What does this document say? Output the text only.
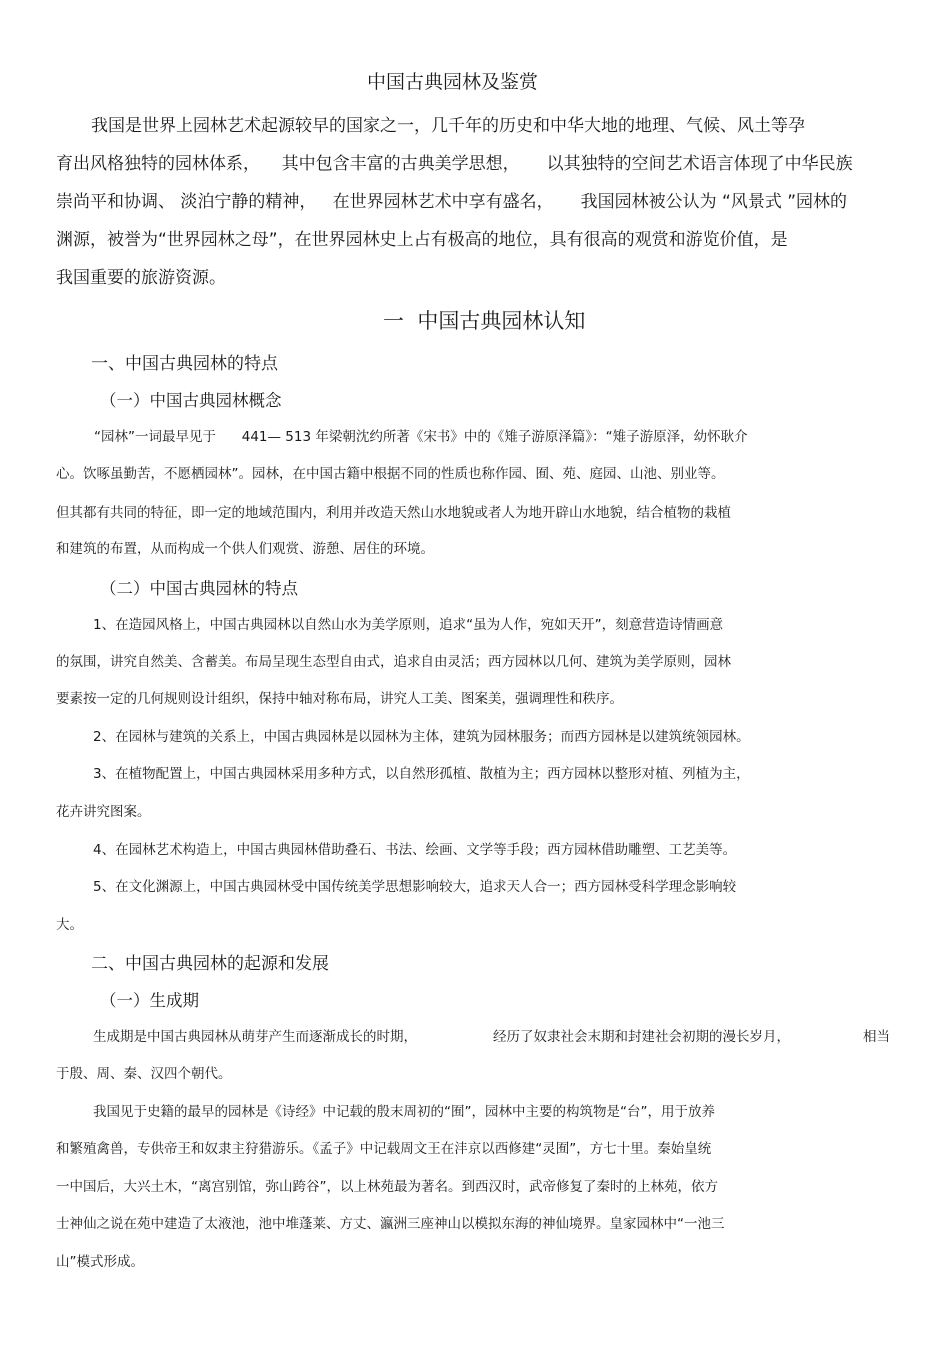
中国古典园林及鉴赏
我国是世界上园林艺术起源较早的国家之一，几千年的历史和中华大地的地理、气候、风土等孕
育出风格独特的园林体系，    其中包含丰富的古典美学思想，     以其独特的空间艺术语言体现了中华民族
崇尚平和协调、 淡泊宁静的精神，   在世界园林艺术中享有盛名，     我国园林被公认为 “风景式 ”园林的
渊源，被誉为“世界园林之母”，在世界园林史上占有极高的地位，具有很高的观赏和游览价值，是
我国重要的旅游资源。
一  中国古典园林认知
一、中国古典园林的特点
（一）中国古典园林概念
“园林”一词最早见于      441— 513 年梁朝沈约所著《宋书》中的《雉子游原泽篇》：“雉子游原泽，幼怀耿介
心。饮啄虽勤苦，不愿栖园林”。园林，在中国古籍中根据不同的性质也称作园、囿、苑、庭园、山池、别业等。
但其都有共同的特征，即一定的地域范围内，利用并改造天然山水地貌或者人为地开辟山水地貌，结合植物的栽植
和建筑的布置，从而构成一个供人们观赏、游憩、居住的环境。
（二）中国古典园林的特点
1、在造园风格上，中国古典园林以自然山水为美学原则，追求“虽为人作，宛如天开”，刻意营造诗情画意
的氛围，讲究自然美、含蓄美。布局呈现生态型自由式，追求自由灵活；西方园林以几何、建筑为美学原则，园林
要素按一定的几何规则设计组织，保持中轴对称布局，讲究人工美、图案美，强调理性和秩序。
2、在园林与建筑的关系上，中国古典园林是以园林为主体，建筑为园林服务；而西方园林是以建筑统领园林。
3、在植物配置上，中国古典园林采用多种方式，以自然形孤植、散植为主；西方园林以整形对植、列植为主，
花卉讲究图案。
4、在园林艺术构造上，中国古典园林借助叠石、书法、绘画、文学等手段；西方园林借助雕塑、工艺美等。
5、在文化渊源上，中国古典园林受中国传统美学思想影响较大，追求天人合一；西方园林受科学理念影响较
大。
二、中国古典园林的起源和发展
（一）生成期
生成期是中国古典园林从萌芽产生而逐渐成长的时期，	经历了奴隶社会末期和封建社会初期的漫长岁月，	相当
于殷、周、秦、汉四个朝代。
我国见于史籍的最早的园林是《诗经》中记载的殷末周初的“囿”，园林中主要的构筑物是“台”，用于放养
和繁殖禽兽，专供帝王和奴隶主狩猎游乐。《孟子》中记载周文王在沣京以西修建“灵囿”，方七十里。秦始皇统
一中国后，大兴土木，“离宫别馆，弥山跨谷”，以上林苑最为著名。到西汉时，武帝修复了秦时的上林苑，依方
士神仙之说在苑中建造了太液池，池中堆蓬莱、方丈、瀛洲三座神山以模拟东海的神仙境界。皇家园林中“一池三
山”模式形成。
